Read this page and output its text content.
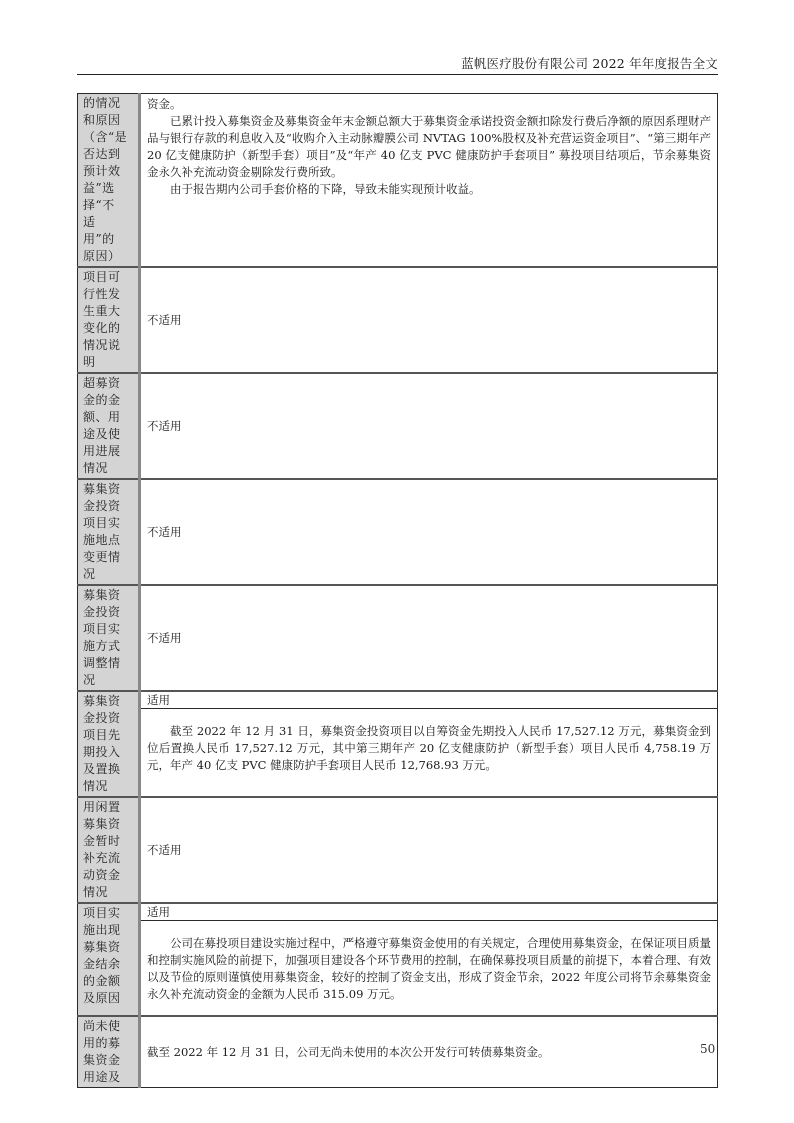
蓝帆医疗股份有限公司 2022 年年度报告全文
的情况和原因（含“是否达到预计效益”选择“不适用”的原因）	资金。
已累计投入募集资金及募集资金年末金额总额大于募集资金承诺投资金额扣除发行费后净额的原因系理财产品与银行存款的利息收入及“收购介入主动脉瓣膜公司 NVTAG 100%股权及补充营运资金项目”、“第三期年产 20 亿支健康防护（新型手套）项目”及“年产 40 亿支 PVC 健康防护手套项目” 募投项目结项后，节余募集资金永久补充流动资金剔除发行费所致。
由于报告期内公司手套价格的下降，导致未能实现预计收益。

项目可行性发生重大变化的情况说明	不适用

超募资金的金额、用途及使用进展情况	不适用

募集资金投资项目实施地点变更情况	不适用

募集资金投资项目实施方式调整情况	不适用

募集资金投资项目先期投入及置换情况	适用
截至 2022 年 12 月 31 日，募集资金投资项目以自筹资金先期投入人民币 17,527.12 万元，募集资金到位后置换人民币 17,527.12 万元，其中第三期年产 20 亿支健康防护（新型手套）项目人民币 4,758.19 万元，年产 40 亿支 PVC 健康防护手套项目人民币 12,768.93 万元。

用闲置募集资金暂时补充流动资金情况	不适用

项目实施出现募集资金结余的金额及原因	适用
公司在募投项目建设实施过程中，严格遵守募集资金使用的有关规定，合理使用募集资金，在保证项目质量和控制实施风险的前提下，加强项目建设各个环节费用的控制，在确保募投项目质量的前提下，本着合理、有效以及节俭的原则谨慎使用募集资金，较好的控制了资金支出，形成了资金节余，2022 年度公司将节余募集资金永久补充流动资金的金额为人民币 315.09 万元。

尚未使用的募集资金用途及	截至 2022 年 12 月 31 日，公司无尚未使用的本次公开发行可转债募集资金。	50
